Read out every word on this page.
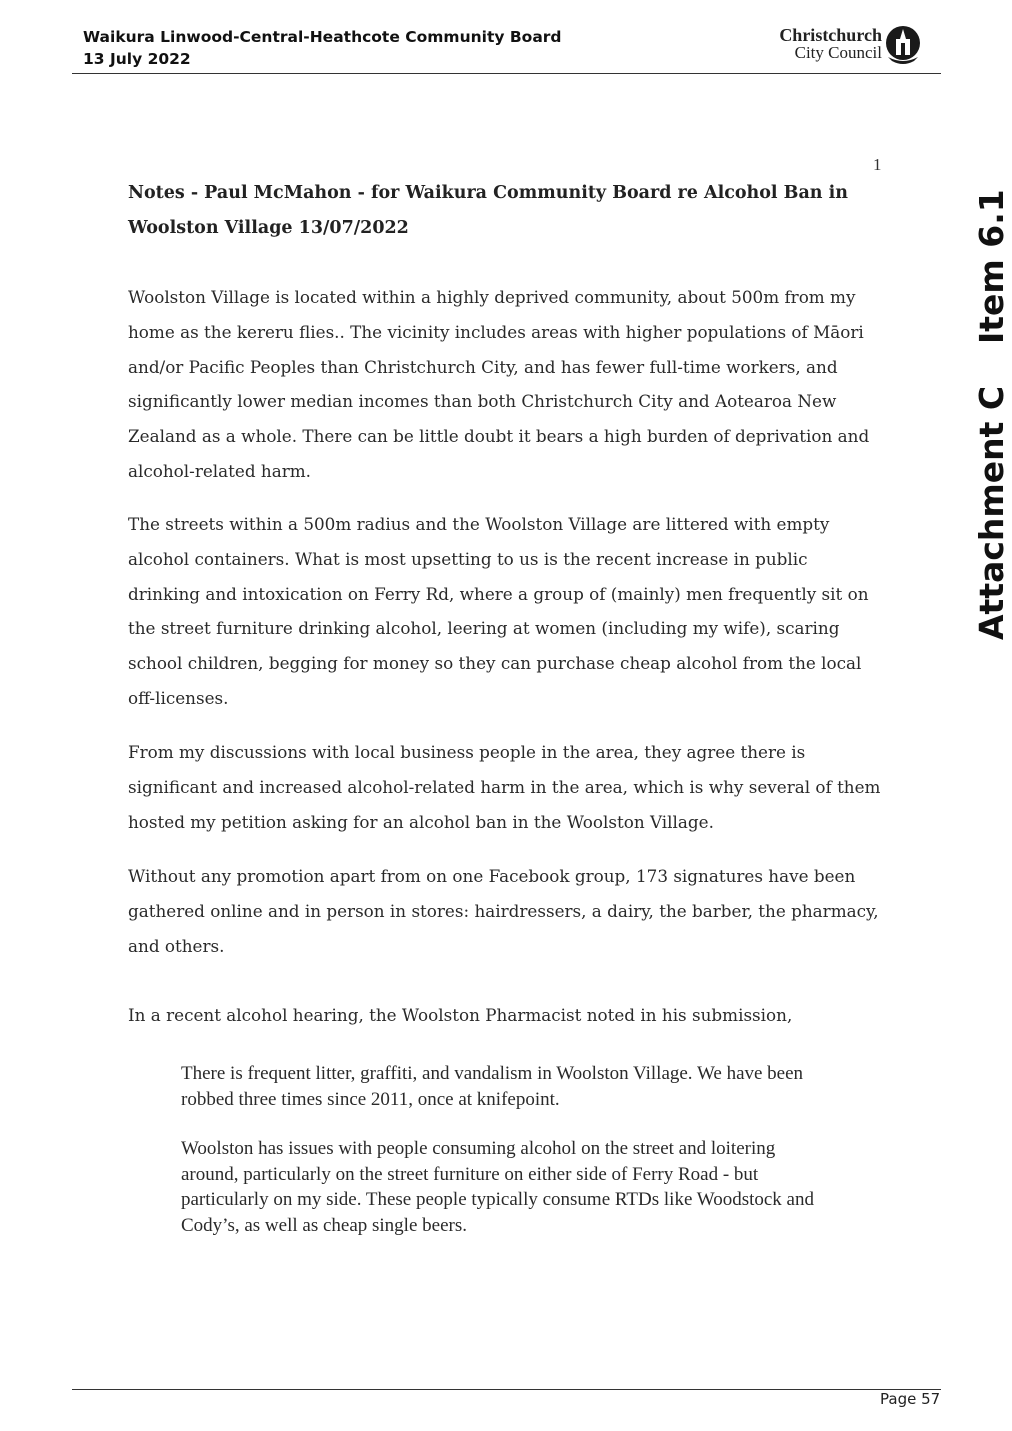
Waikura Linwood-Central-Heathcote Community Board
13 July 2022
Christchurch
City Council
1
Notes - Paul McMahon - for Waikura Community Board re Alcohol Ban in
Woolston Village 13/07/2022
Woolston Village is located within a highly deprived community, about 500m from my
home as the kereru flies.. The vicinity includes areas with higher populations of Māori
and/or Pacific Peoples than Christchurch City, and has fewer full-time workers, and
significantly lower median incomes than both Christchurch City and Aotearoa New
Zealand as a whole. There can be little doubt it bears a high burden of deprivation and
alcohol-related harm.
The streets within a 500m radius and the Woolston Village are littered with empty
alcohol containers. What is most upsetting to us is the recent increase in public
drinking and intoxication on Ferry Rd, where a group of (mainly) men frequently sit on
the street furniture drinking alcohol, leering at women (including my wife), scaring
school children, begging for money so they can purchase cheap alcohol from the local
off-licenses.
From my discussions with local business people in the area, they agree there is
significant and increased alcohol-related harm in the area, which is why several of them
hosted my petition asking for an alcohol ban in the Woolston Village.
Without any promotion apart from on one Facebook group, 173 signatures have been
gathered online and in person in stores: hairdressers, a dairy, the barber, the pharmacy,
and others.
In a recent alcohol hearing, the Woolston Pharmacist noted in his submission,
There is frequent litter, graffiti, and vandalism in Woolston Village. We have been
robbed three times since 2011, once at knifepoint.
Woolston has issues with people consuming alcohol on the street and loitering
around, particularly on the street furniture on either side of Ferry Road - but
particularly on my side. These people typically consume RTDs like Woodstock and
Cody’s, as well as cheap single beers.
Attachment C
Item 6.1
Page 57
